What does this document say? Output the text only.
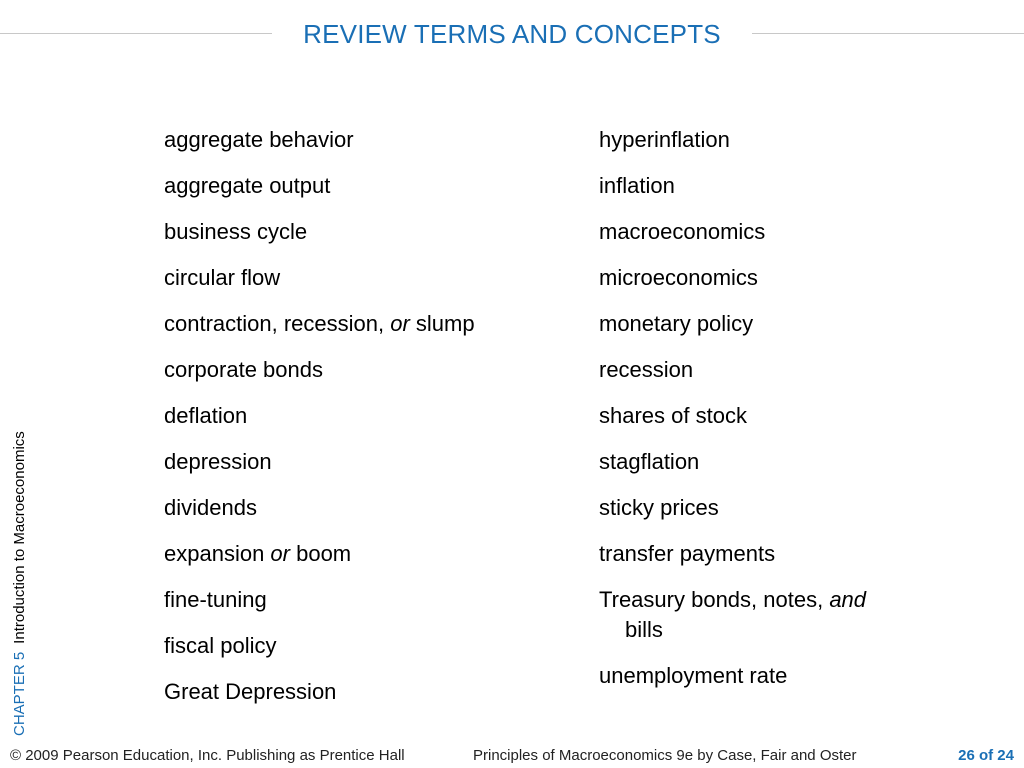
REVIEW TERMS AND CONCEPTS
CHAPTER 5Introduction to Macroeconomics
aggregate behavior
aggregate output
business cycle
circular flow
contraction, recession, or slump
corporate bonds
deflation
depression
dividends
expansion or boom
fine-tuning
fiscal policy
Great Depression
hyperinflation
inflation
macroeconomics
microeconomics
monetary policy
recession
shares of stock
stagflation
sticky prices
transfer payments
Treasury bonds, notes, and
bills
unemployment rate
© 2009 Pearson Education, Inc. Publishing as Prentice Hall	Principles of Macroeconomics 9e by Case, Fair and Oster	26 of 24
